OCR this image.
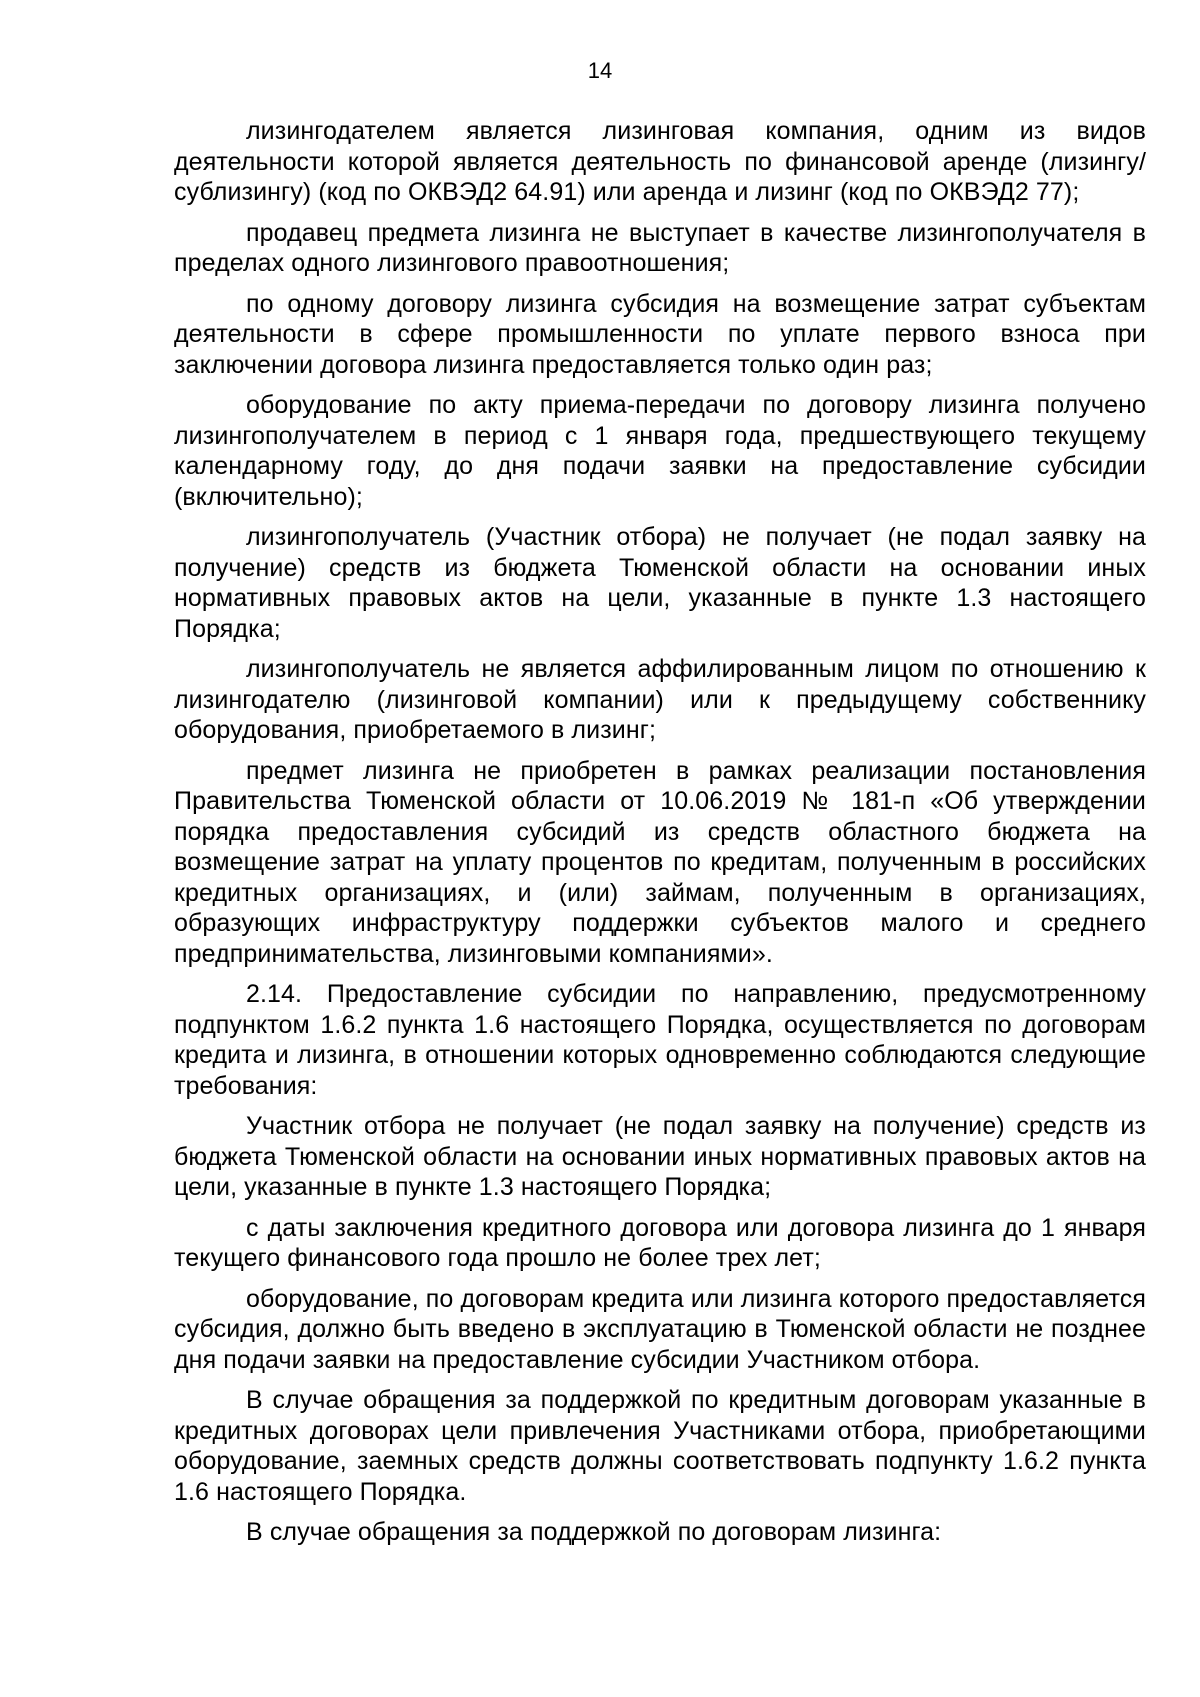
14

лизингодателем является лизинговая компания, одним из видов деятельности которой является деятельность по финансовой аренде (лизингу/сублизингу) (код по ОКВЭД2 64.91) или аренда и лизинг (код по ОКВЭД2 77);

продавец предмета лизинга не выступает в качестве лизингополучателя в пределах одного лизингового правоотношения;

по одному договору лизинга субсидия на возмещение затрат субъектам деятельности в сфере промышленности по уплате первого взноса при заключении договора лизинга предоставляется только один раз;

оборудование по акту приема-передачи по договору лизинга получено лизингополучателем в период с 1 января года, предшествующего текущему календарному году, до дня подачи заявки на предоставление субсидии (включительно);

лизингополучатель (Участник отбора) не получает (не подал заявку на получение) средств из бюджета Тюменской области на основании иных нормативных правовых актов на цели, указанные в пункте 1.3 настоящего Порядка;

лизингополучатель не является аффилированным лицом по отношению к лизингодателю (лизинговой компании) или к предыдущему собственнику оборудования, приобретаемого в лизинг;

предмет лизинга не приобретен в рамках реализации постановления Правительства Тюменской области от 10.06.2019 № 181-п «Об утверждении порядка предоставления субсидий из средств областного бюджета на возмещение затрат на уплату процентов по кредитам, полученным в российских кредитных организациях, и (или) займам, полученным в организациях, образующих инфраструктуру поддержки субъектов малого и среднего предпринимательства, лизинговыми компаниями».

2.14. Предоставление субсидии по направлению, предусмотренному подпунктом 1.6.2 пункта 1.6 настоящего Порядка, осуществляется по договорам кредита и лизинга, в отношении которых одновременно соблюдаются следующие требования:

Участник отбора не получает (не подал заявку на получение) средств из бюджета Тюменской области на основании иных нормативных правовых актов на цели, указанные в пункте 1.3 настоящего Порядка;

с даты заключения кредитного договора или договора лизинга до 1 января текущего финансового года прошло не более трех лет;

оборудование, по договорам кредита или лизинга которого предоставляется субсидия, должно быть введено в эксплуатацию в Тюменской области не позднее дня подачи заявки на предоставление субсидии Участником отбора.

В случае обращения за поддержкой по кредитным договорам указанные в кредитных договорах цели привлечения Участниками отбора, приобретающими оборудование, заемных средств должны соответствовать подпункту 1.6.2 пункта 1.6 настоящего Порядка.

В случае обращения за поддержкой по договорам лизинга:
